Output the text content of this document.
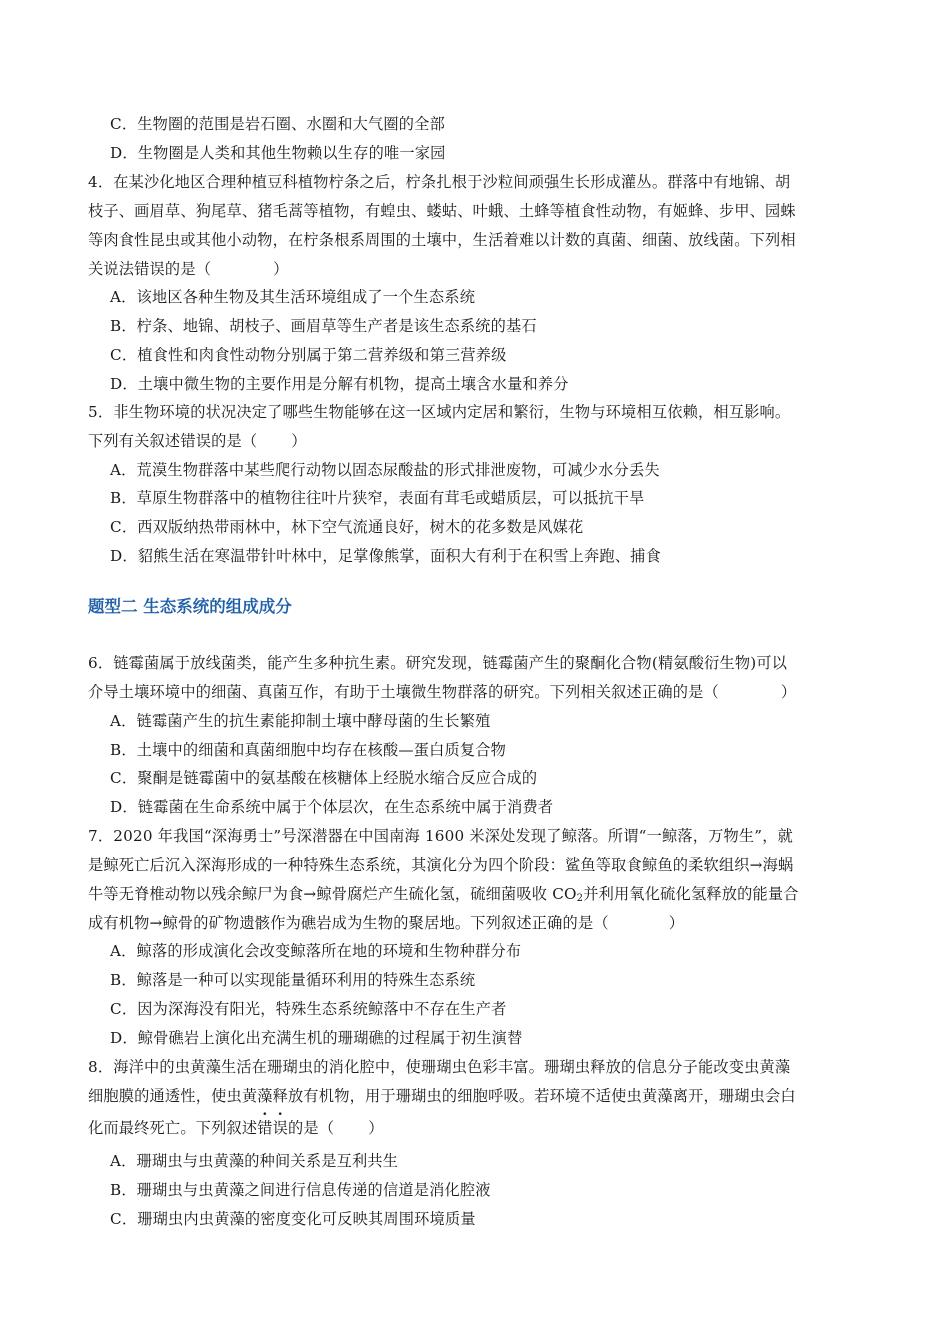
C．生物圈的范围是岩石圈、水圈和大气圈的全部
D．生物圈是人类和其他生物赖以生存的唯一家园
4．在某沙化地区合理种植豆科植物柠条之后，柠条扎根于沙粒间顽强生长形成灌丛。群落中有地锦、胡
枝子、画眉草、狗尾草、猪毛蒿等植物，有蝗虫、蝼蛄、叶蛾、土蜂等植食性动物，有姬蜂、步甲、园蛛
等肉食性昆虫或其他小动物，在柠条根系周围的土壤中，生活着难以计数的真菌、细菌、放线菌。下列相
关说法错误的是（	）
A．该地区各种生物及其生活环境组成了一个生态系统
B．柠条、地锦、胡枝子、画眉草等生产者是该生态系统的基石
C．植食性和肉食性动物分别属于第二营养级和第三营养级
D．土壤中微生物的主要作用是分解有机物，提高土壤含水量和养分
5．非生物环境的状况决定了哪些生物能够在这一区域内定居和繁衍，生物与环境相互依赖，相互影响。
下列有关叙述错误的是（ ）
A．荒漠生物群落中某些爬行动物以固态尿酸盐的形式排泄废物，可减少水分丢失
B．草原生物群落中的植物往往叶片狭窄，表面有茸毛或蜡质层，可以抵抗干旱
C．西双版纳热带雨林中，林下空气流通良好，树木的花多数是风媒花
D．貂熊生活在寒温带针叶林中，足掌像熊掌，面积大有利于在积雪上奔跑、捕食
题型二 生态系统的组成成分
6．链霉菌属于放线菌类，能产生多种抗生素。研究发现，链霉菌产生的聚酮化合物(精氨酸衍生物)可以
介导土壤环境中的细菌、真菌互作，有助于土壤微生物群落的研究。下列相关叙述正确的是（	）
A．链霉菌产生的抗生素能抑制土壤中酵母菌的生长繁殖
B．土壤中的细菌和真菌细胞中均存在核酸—蛋白质复合物
C．聚酮是链霉菌中的氨基酸在核糖体上经脱水缩合反应合成的
D．链霉菌在生命系统中属于个体层次，在生态系统中属于消费者
7．2020 年我国“深海勇士”号深潜器在中国南海 1600 米深处发现了鲸落。所谓“一鲸落，万物生”，就
是鲸死亡后沉入深海形成的一种特殊生态系统，其演化分为四个阶段：鲨鱼等取食鲸鱼的柔软组织→海蜗
牛等无脊椎动物以残余鲸尸为食→鲸骨腐烂产生硫化氢，硫细菌吸收 $CO_2$并利用氧化硫化氢释放的能量合
成有机物→鲸骨的矿物遗骸作为礁岩成为生物的聚居地。下列叙述正确的是（	）
A．鲸落的形成演化会改变鲸落所在地的环境和生物种群分布
B．鲸落是一种可以实现能量循环利用的特殊生态系统
C．因为深海没有阳光，特殊生态系统鲸落中不存在生产者
D．鲸骨礁岩上演化出充满生机的珊瑚礁的过程属于初生演替
8．海洋中的虫黄藻生活在珊瑚虫的消化腔中，使珊瑚虫色彩丰富。珊瑚虫释放的信息分子能改变虫黄藻
细胞膜的通透性，使虫黄藻释放有机物，用于珊瑚虫的细胞呼吸。若环境不适使虫黄藻离开，珊瑚虫会白
化而最终死亡。下列叙述错误的是（ ）
A．珊瑚虫与虫黄藻的种间关系是互利共生
B．珊瑚虫与虫黄藻之间进行信息传递的信道是消化腔液
C．珊瑚虫内虫黄藻的密度变化可反映其周围环境质量
